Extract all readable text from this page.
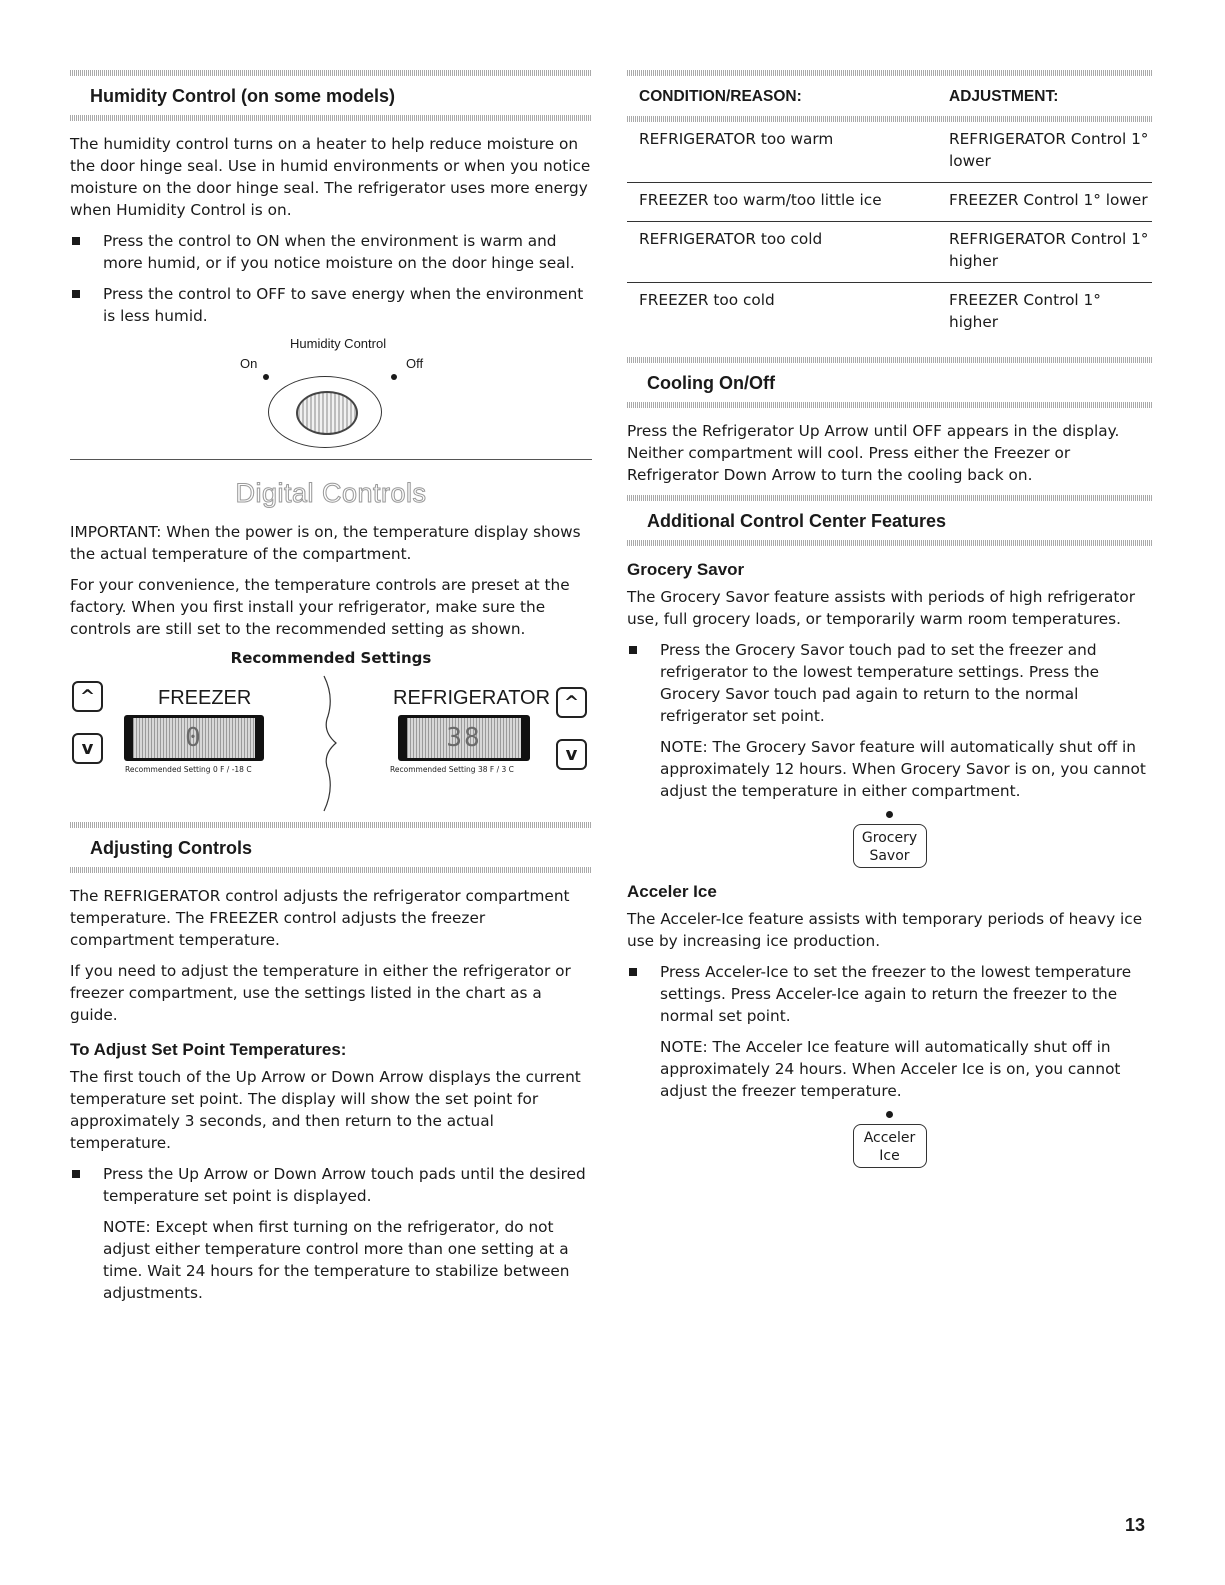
Humidity Control (on some models)

The humidity control turns on a heater to help reduce moisture on the door hinge seal. Use in humid environments or when you notice moisture on the door hinge seal. The refrigerator uses more energy when Humidity Control is on.

Press the control to ON when the environment is warm and more humid, or if you notice moisture on the door hinge seal.
Press the control to OFF to save energy when the environment is less humid.
Humidity Control
On	Off
Digital Controls

IMPORTANT: When the power is on, the temperature display shows the actual temperature of the compartment.

For your convenience, the temperature controls are preset at the factory. When you first install your refrigerator, make sure the controls are still set to the recommended setting as shown.

Recommended Settings
^
v
FREEZER
0
Recommended Setting 0 F / -18 C
REFRIGERATOR ^
v
38
Recommended Setting 38 F / 3 C
Adjusting Controls

The REFRIGERATOR control adjusts the refrigerator compartment temperature. The FREEZER control adjusts the freezer compartment temperature.

If you need to adjust the temperature in either the refrigerator or freezer compartment, use the settings listed in the chart as a guide.

To Adjust Set Point Temperatures:

The first touch of the Up Arrow or Down Arrow displays the current temperature set point. The display will show the set point for approximately 3 seconds, and then return to the actual temperature.

Press the Up Arrow or Down Arrow touch pads until the desired temperature set point is displayed.

NOTE: Except when first turning on the refrigerator, do not adjust either temperature control more than one setting at a time. Wait 24 hours for the temperature to stabilize between adjustments.

CONDITION/REASON:	ADJUSTMENT:

REFRIGERATOR too warm	REFRIGERATOR Control 1° lower
FREEZER too warm/too little ice	FREEZER Control 1° lower
REFRIGERATOR too cold	REFRIGERATOR Control 1° higher
FREEZER too cold	FREEZER Control 1° higher
Cooling On/Off

Press the Refrigerator Up Arrow until OFF appears in the display. Neither compartment will cool. Press either the Freezer or Refrigerator Down Arrow to turn the cooling back on.

Additional Control Center Features
Grocery Savor

The Grocery Savor feature assists with periods of high refrigerator use, full grocery loads, or temporarily warm room temperatures.

Press the Grocery Savor touch pad to set the freezer and refrigerator to the lowest temperature settings. Press the Grocery Savor touch pad again to return to the normal refrigerator set point.

NOTE: The Grocery Savor feature will automatically shut off in approximately 12 hours. When Grocery Savor is on, you cannot adjust the temperature in either compartment.

Grocery
Savor
Acceler Ice

The Acceler-Ice feature assists with temporary periods of heavy ice use by increasing ice production.

Press Acceler-Ice to set the freezer to the lowest temperature settings. Press Acceler-Ice again to return the freezer to the normal set point.

NOTE: The Acceler Ice feature will automatically shut off in approximately 24 hours. When Acceler Ice is on, you cannot adjust the freezer temperature.

Acceler
Ice
13
